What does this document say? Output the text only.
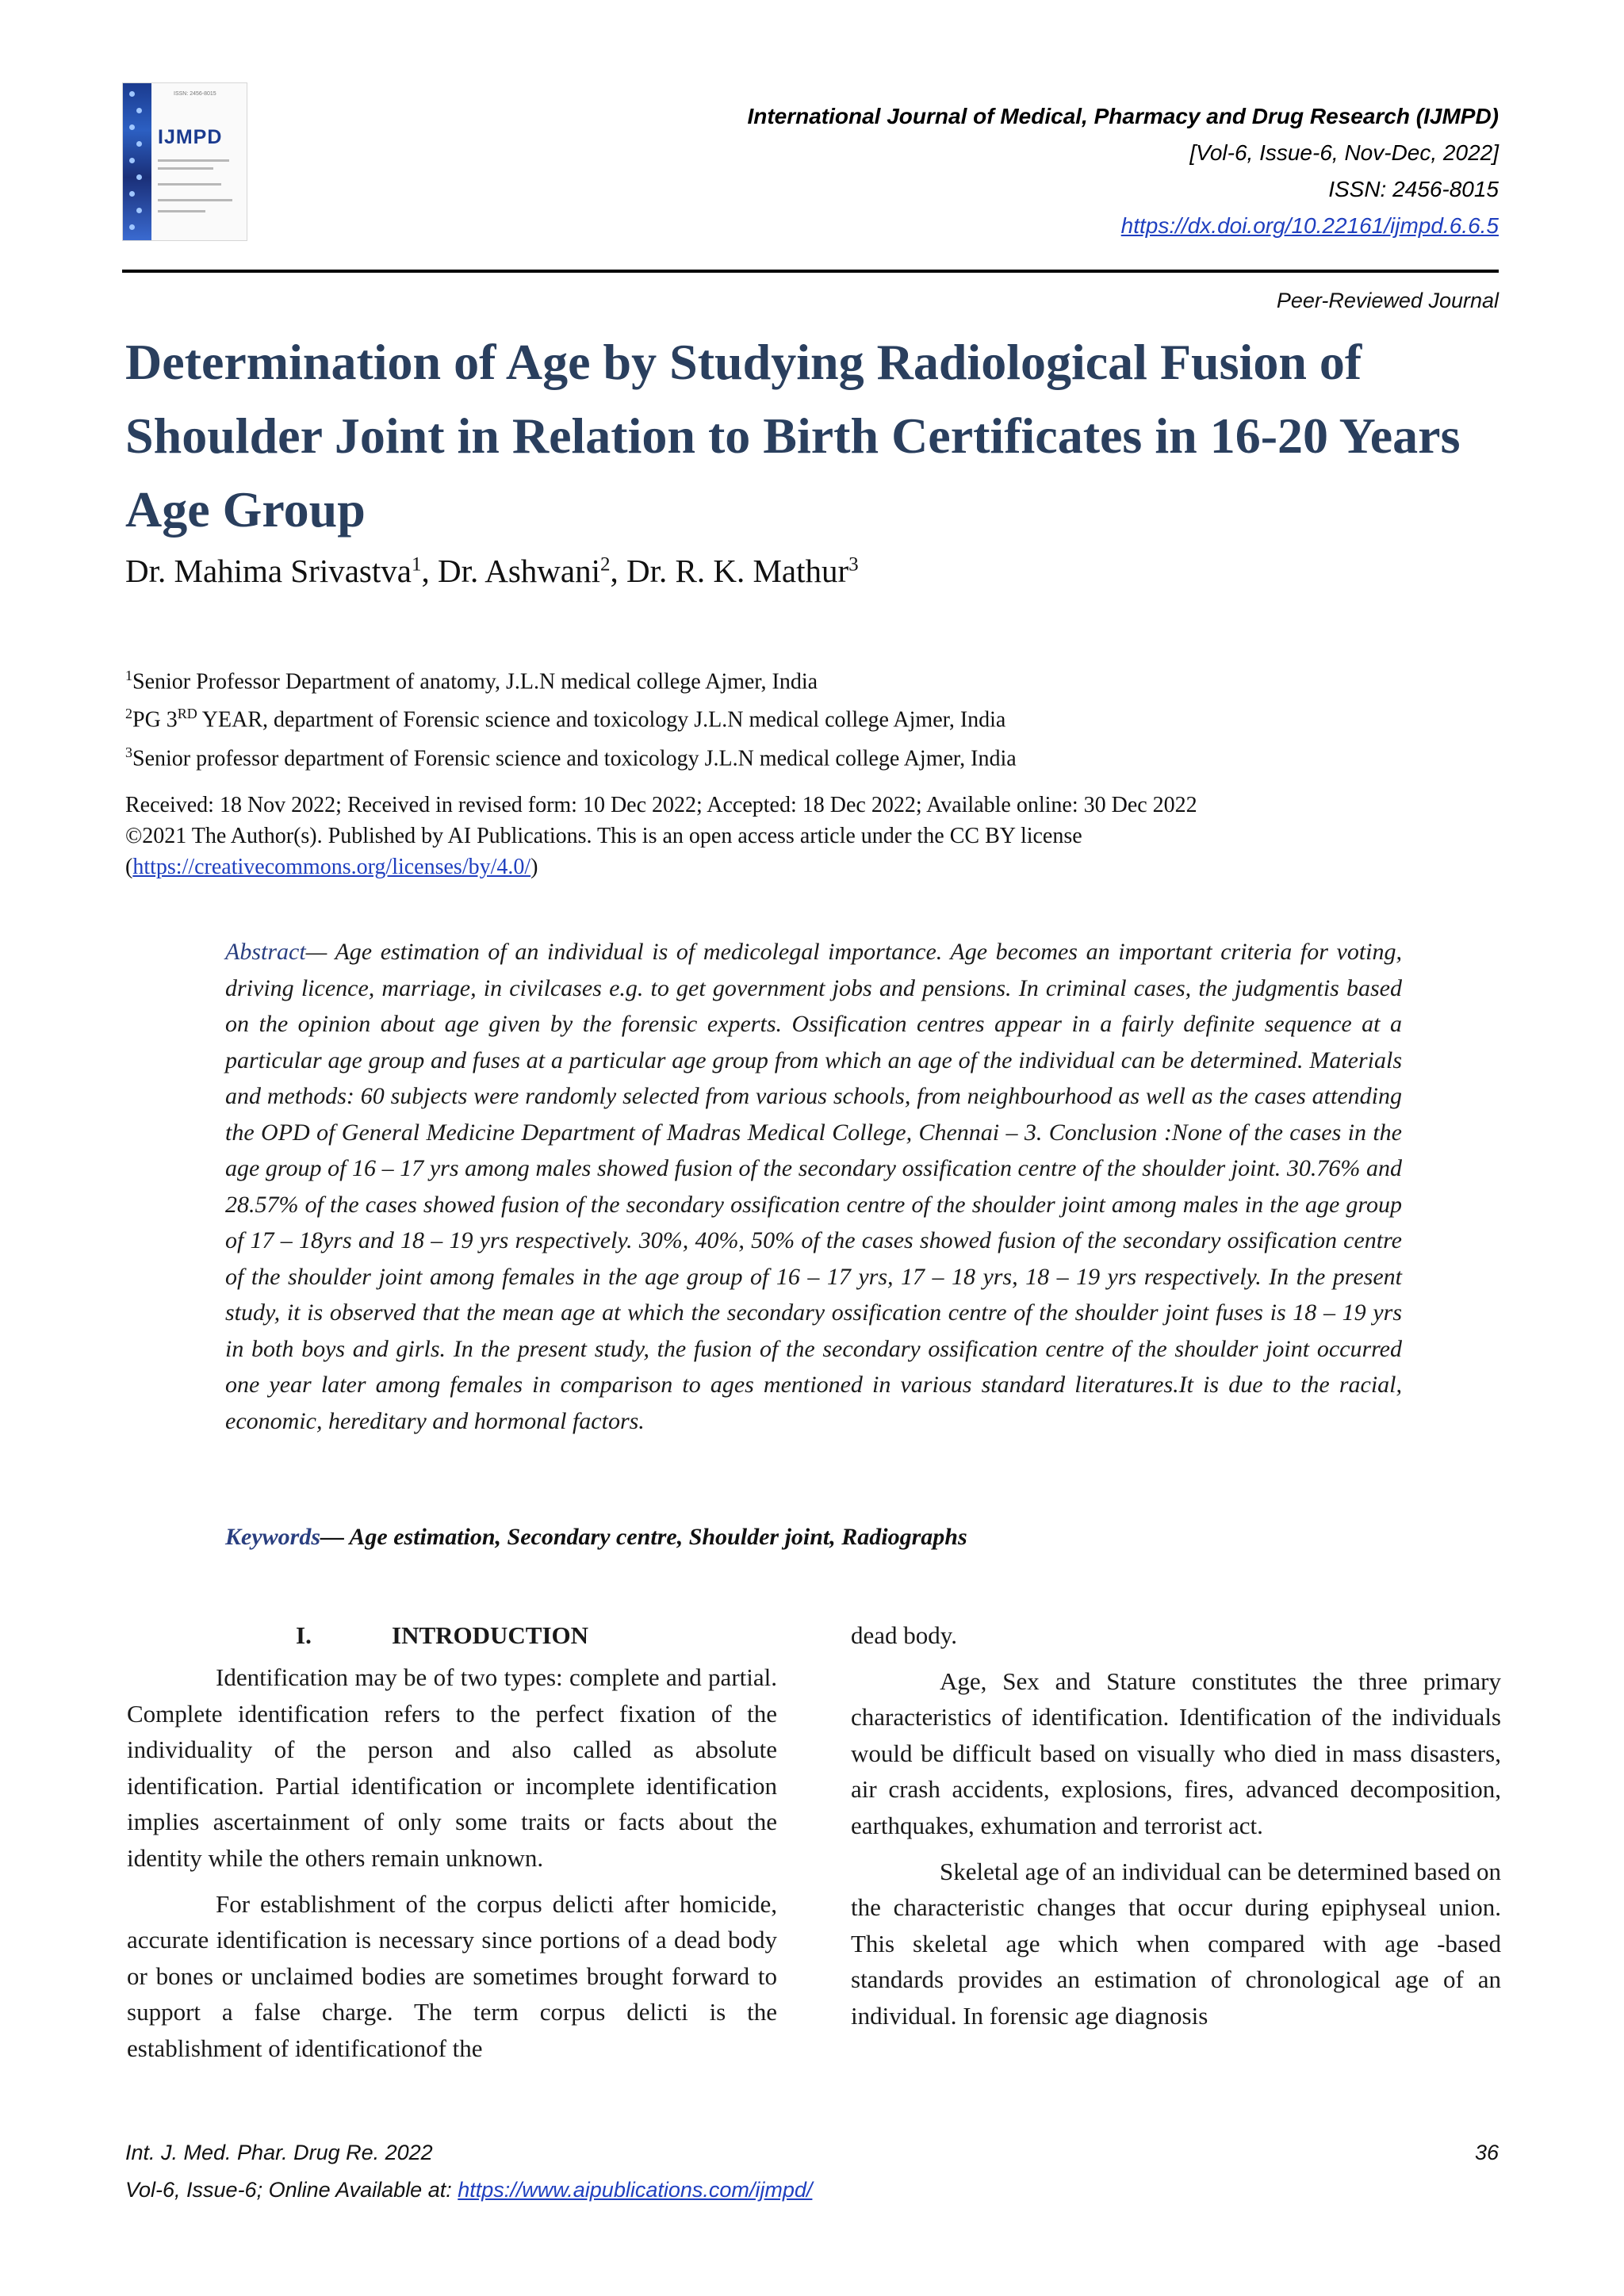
ISSN: 2456-8015
IJMPD
International Journal of Medical, Pharmacy and Drug Research (IJMPD)
[Vol-6, Issue-6, Nov-Dec, 2022]
ISSN: 2456-8015
https://dx.doi.org/10.22161/ijmpd.6.6.5
Peer-Reviewed Journal
Determination of Age by Studying Radiological Fusion of Shoulder Joint in Relation to Birth Certificates in 16-20 Years Age Group
Dr. Mahima Srivastva$^1$, Dr. Ashwani$^2$, Dr. R. K. Mathur$^3$
$^1$Senior Professor Department of anatomy, J.L.N medical college Ajmer, India
$^2$PG 3RD YEAR, department of Forensic science and toxicology J.L.N medical college Ajmer, India
$^3$Senior professor department of Forensic science and toxicology J.L.N medical college Ajmer, India
Received: 18 Nov 2022; Received in revised form: 10 Dec 2022; Accepted: 18 Dec 2022; Available online: 30 Dec 2022
©2021 The Author(s). Published by AI Publications. This is an open access article under the CC BY license
(https://creativecommons.org/licenses/by/4.0/)

Abstract— Age estimation of an individual is of medicolegal importance. Age becomes an important criteria for voting, driving licence, marriage, in civilcases e.g. to get government jobs and pensions. In criminal cases, the judgmentis based on the opinion about age given by the forensic experts. Ossification centres appear in a fairly definite sequence at a particular age group and fuses at a particular age group from which an age of the individual can be determined. Materials and methods: 60 subjects were randomly selected from various schools, from neighbourhood as well as the cases attending the OPD of General Medicine Department of Madras Medical College, Chennai – 3. Conclusion :None of the cases in the age group of 16 – 17 yrs among males showed fusion of the secondary ossification centre of the shoulder joint. 30.76% and 28.57% of the cases showed fusion of the secondary ossification centre of the shoulder joint among males in the age group of 17 – 18yrs and 18 – 19 yrs respectively. 30%, 40%, 50% of the cases showed fusion of the secondary ossification centre of the shoulder joint among females in the age group of 16 – 17 yrs, 17 – 18 yrs, 18 – 19 yrs respectively. In the present study, it is observed that the mean age at which the secondary ossification centre of the shoulder joint fuses is 18 – 19 yrs in both boys and girls. In the present study, the fusion of the secondary ossification centre of the shoulder joint occurred one year later among females in comparison to ages mentioned in various standard literatures.It is due to the racial, economic, hereditary and hormonal factors.

Keywords— Age estimation, Secondary centre, Shoulder joint, Radiographs
I.	INTRODUCTION

Identification may be of two types: complete and partial. Complete identification refers to the perfect fixation of the individuality of the person and also called as absolute identification. Partial identification or incomplete identification implies ascertainment of only some traits or facts about the identity while the others remain unknown.

For establishment of the corpus delicti after homicide, accurate identification is necessary since portions of a dead body or bones or unclaimed bodies are sometimes brought forward to support a false charge. The term corpus delicti is the establishment of identificationof the

dead body.

Age, Sex and Stature constitutes the three primary characteristics of identification. Identification of the individuals would be difficult based on visually who died in mass disasters, air crash accidents, explosions, fires, advanced decomposition, earthquakes, exhumation and terrorist act.

Skeletal age of an individual can be determined based on the characteristic changes that occur during epiphyseal union. This skeletal age which when compared with age -based standards provides an estimation of chronological age of an individual. In forensic age diagnosis

Int. J. Med. Phar. Drug Re. 2022
Vol-6, Issue-6; Online Available at: https://www.aipublications.com/ijmpd/
36
